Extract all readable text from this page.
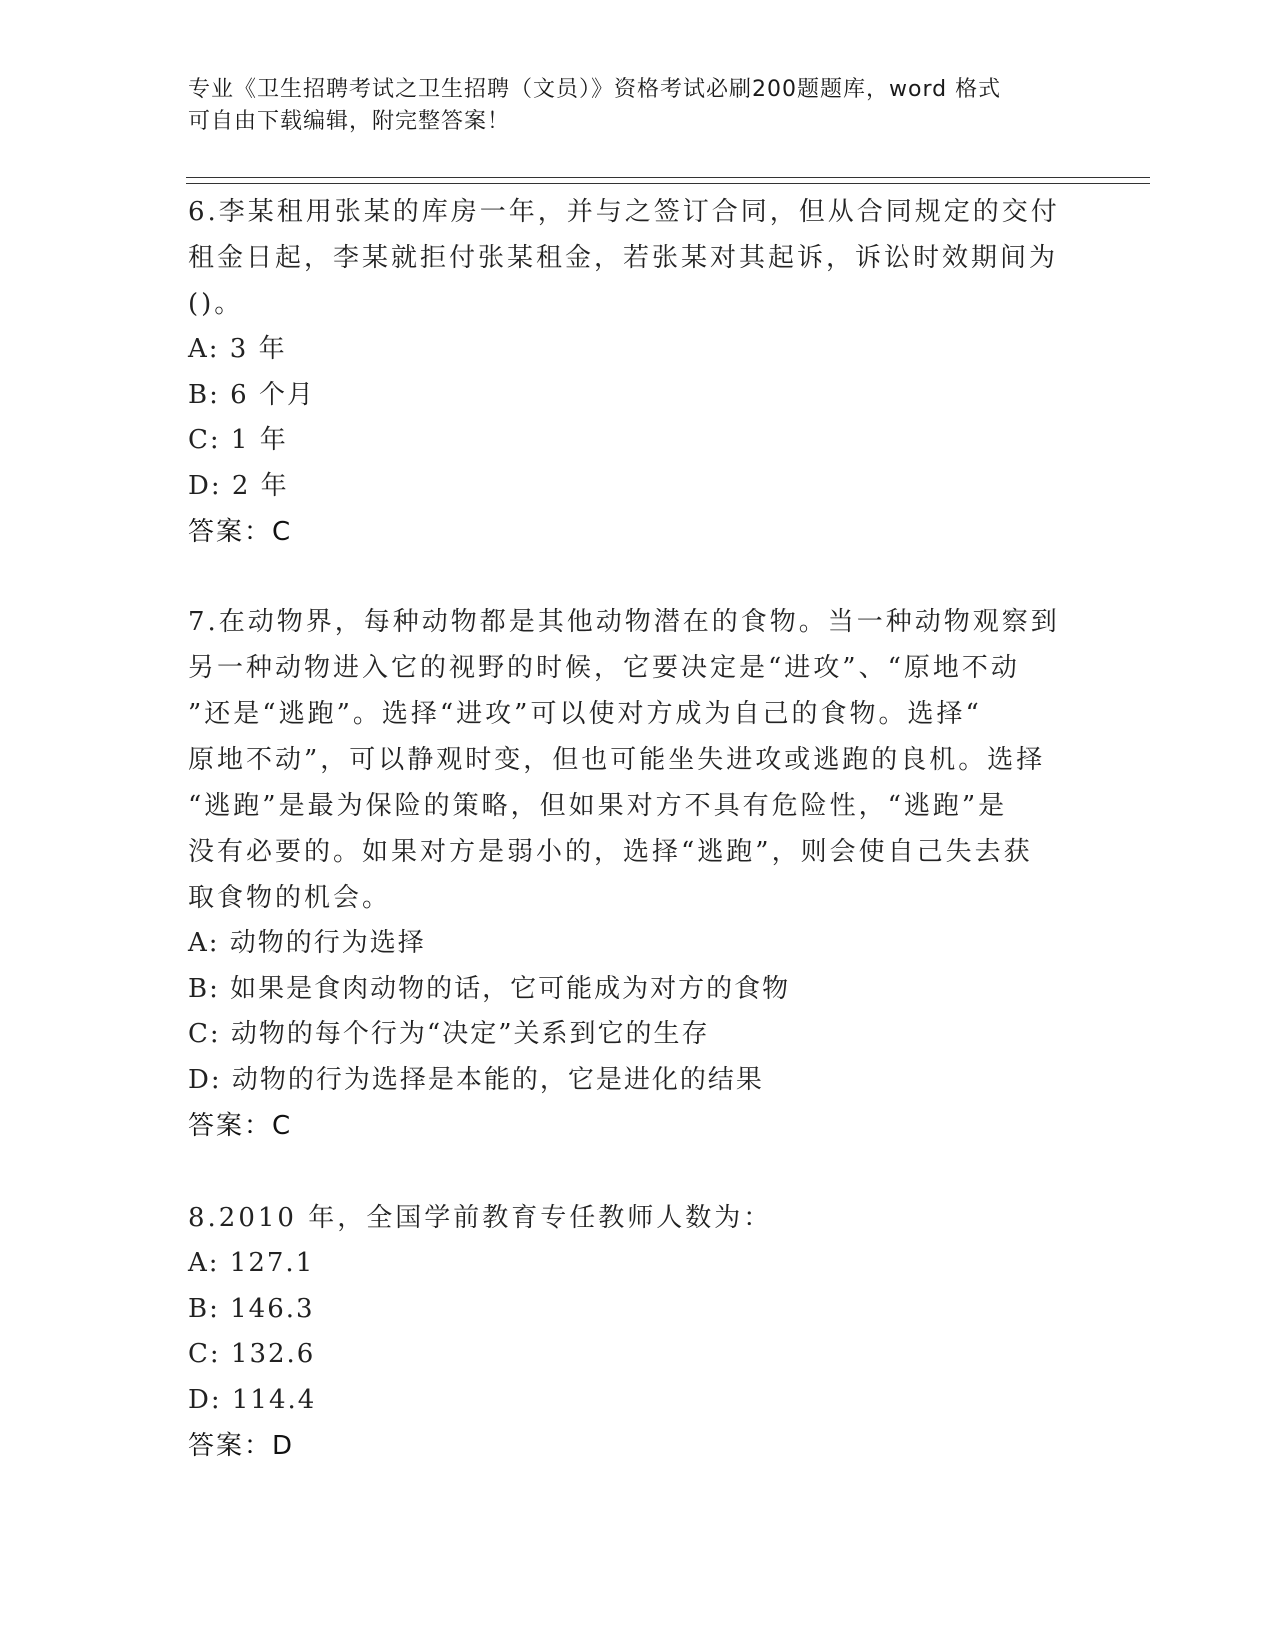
专业《卫生招聘考试之卫生招聘（文员）》资格考试必刷200题题库，word 格式
可自由下载编辑，附完整答案！
6.李某租用张某的库房一年，并与之签订合同，但从合同规定的交付
租金日起，李某就拒付张某租金，若张某对其起诉，诉讼时效期间为
()。
A: 3 年
B: 6 个月
C: 1 年
D: 2 年
答案：C
7.在动物界，每种动物都是其他动物潜在的食物。当一种动物观察到
另一种动物进入它的视野的时候，它要决定是“进攻”、“原地不动
”还是“逃跑”。选择“进攻”可以使对方成为自己的食物。选择“
原地不动”，可以静观时变，但也可能坐失进攻或逃跑的良机。选择
“逃跑”是最为保险的策略，但如果对方不具有危险性，“逃跑”是
没有必要的。如果对方是弱小的，选择“逃跑”，则会使自己失去获
取食物的机会。
A: 动物的行为选择
B: 如果是食肉动物的话，它可能成为对方的食物
C: 动物的每个行为“决定”关系到它的生存
D: 动物的行为选择是本能的，它是进化的结果
答案：C
8.2010 年，全国学前教育专任教师人数为：
A: 127.1
B: 146.3
C: 132.6
D: 114.4
答案：D
